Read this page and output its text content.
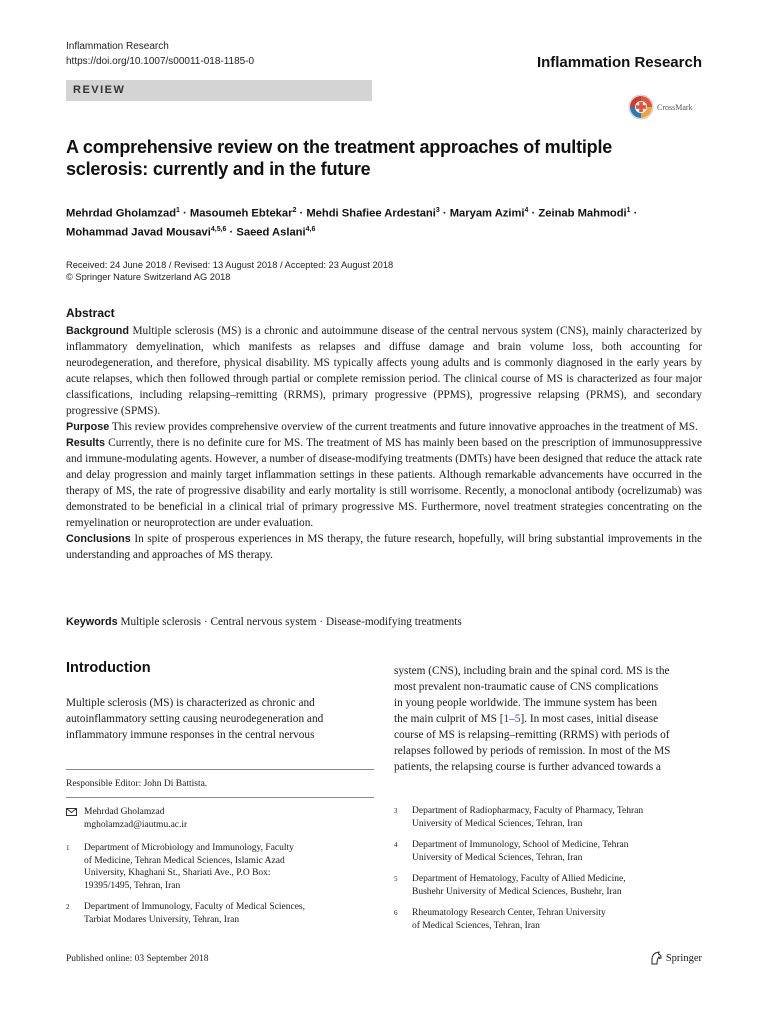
Inflammation Research
https://doi.org/10.1007/s00011-018-1185-0	Inflammation Research
REVIEW
CrossMark
A comprehensive review on the treatment approaches of multiple
sclerosis: currently and in the future
Mehrdad Gholamzad$^1$ · Masoumeh Ebtekar$^2$ · Mehdi Shafiee Ardestani$^3$ · Maryam Azimi$^4$ · Zeinab Mahmodi$^1$ ·
Mohammad Javad Mousavi$^{4,5,6}$ · Saeed Aslani$^{4,6}$
Received: 24 June 2018 / Revised: 13 August 2018 / Accepted: 23 August 2018
© Springer Nature Switzerland AG 2018
Abstract
Background Multiple sclerosis (MS) is a chronic and autoimmune disease of the central nervous system (CNS), mainly characterized by inflammatory demyelination, which manifests as relapses and diffuse damage and brain volume loss, both accounting for neurodegeneration, and therefore, physical disability. MS typically affects young adults and is commonly diagnosed in the early years by acute relapses, which then followed through partial or complete remission period. The clinical course of MS is characterized as four major classifications, including relapsing–remitting (RRMS), primary progressive (PPMS), progressive relapsing (PRMS), and secondary progressive (SPMS).
Purpose This review provides comprehensive overview of the current treatments and future innovative approaches in the treatment of MS.
Results Currently, there is no definite cure for MS. The treatment of MS has mainly been based on the prescription of immunosuppressive and immune-modulating agents. However, a number of disease-modifying treatments (DMTs) have been designed that reduce the attack rate and delay progression and mainly target inflammation settings in these patients. Although remarkable advancements have occurred in the therapy of MS, the rate of progressive disability and early mortality is still worrisome. Recently, a monoclonal antibody (ocrelizumab) was demonstrated to be beneficial in a clinical trial of primary progressive MS. Furthermore, novel treatment strategies concentrating on the remyelination or neuroprotection are under evaluation.
Conclusions In spite of prosperous experiences in MS therapy, the future research, hopefully, will bring substantial improvements in the understanding and approaches of MS therapy.
Keywords Multiple sclerosis · Central nervous system · Disease-modifying treatments
Introduction
Multiple sclerosis (MS) is characterized as chronic and
autoinflammatory setting causing neurodegeneration and
inflammatory immune responses in the central nervous
system (CNS), including brain and the spinal cord. MS is the
most prevalent non-traumatic cause of CNS complications
in young people worldwide. The immune system has been
the main culprit of MS [1–5]. In most cases, initial disease
course of MS is relapsing–remitting (RRMS) with periods of
relapses followed by periods of remission. In most of the MS
patients, the relapsing course is further advanced towards a
Responsible Editor: John Di Battista.
Mehrdad Gholamzad
mgholamzad@iautmu.ac.ir
1 Department of Microbiology and Immunology, Faculty
of Medicine, Tehran Medical Sciences, Islamic Azad
University, Khaghani St., Shariati Ave., P.O Box:
19395/1495, Tehran, Iran
2 Department of Immunology, Faculty of Medical Sciences,
Tarbiat Modares University, Tehran, Iran
3 Department of Radiopharmacy, Faculty of Pharmacy, Tehran
University of Medical Sciences, Tehran, Iran
4 Department of Immunology, School of Medicine, Tehran
University of Medical Sciences, Tehran, Iran
5 Department of Hematology, Faculty of Allied Medicine,
Bushehr University of Medical Sciences, Bushehr, Iran
6 Rheumatology Research Center, Tehran University
of Medical Sciences, Tehran, Iran
Published online: 03 September 2018	Springer
